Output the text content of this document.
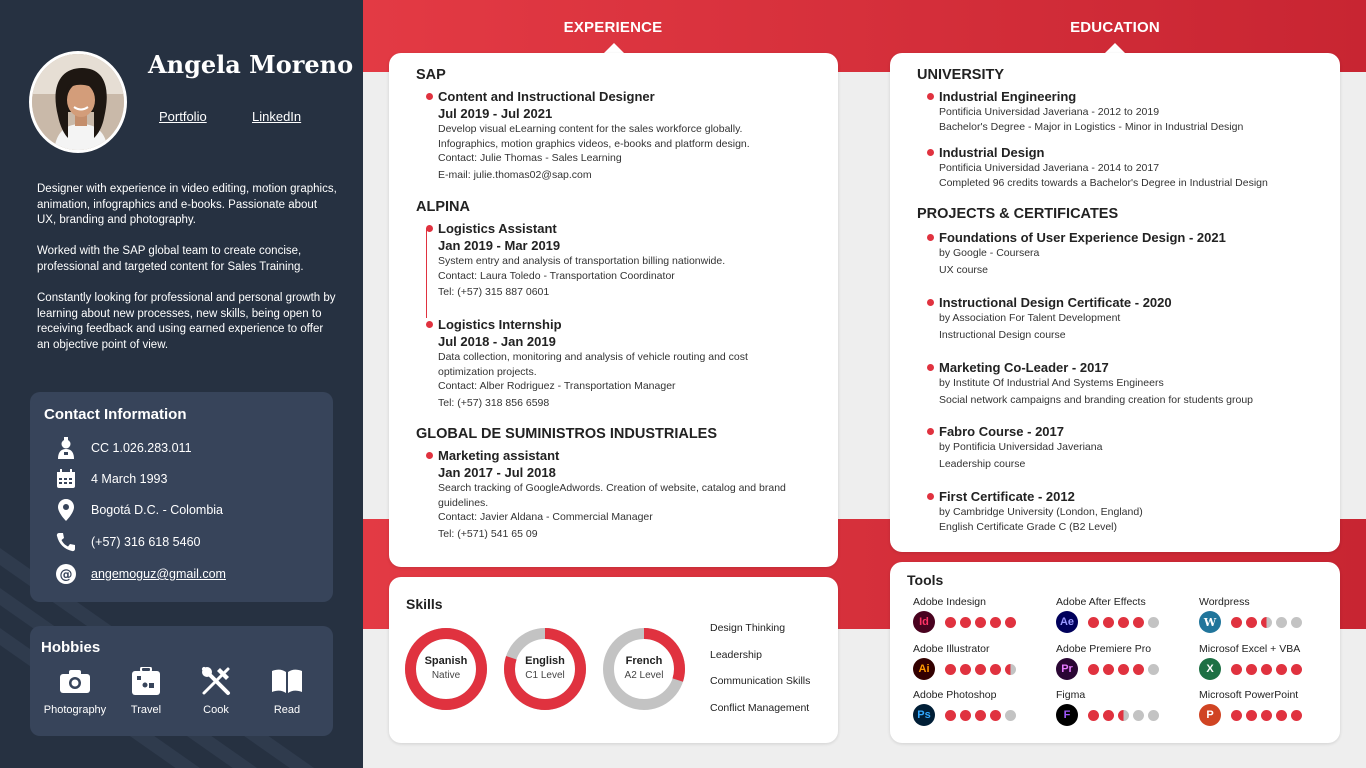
Angela Moreno
Portfolio	LinkedIn

Designer with experience in video editing, motion graphics, animation, infographics and e-books. Passionate about UX, branding and photography.

Worked with the SAP global team to create concise, professional and targeted content for Sales Training.

Constantly looking for professional and personal growth by learning about new processes, new skills, being open to receiving feedback and using earned experience to offer an objective point of view.

Contact Information
CC 1.026.283.011
4 March 1993
Bogotá D.C. - Colombia
(+57) 316 618 5460
@ angemoguz@gmail.com
Hobbies
Photography	Travel	Cook	Read
EXPERIENCE	EDUCATION
SAP
Content and Instructional Designer
Jul 2019 - Jul 2021
Develop visual eLearning content for the sales workforce globally.
Infographics, motion graphics videos, e-books and platform design.
Contact: Julie Thomas - Sales Learning
E-mail: julie.thomas02@sap.com
ALPINA
Logistics Assistant
Jan 2019 - Mar 2019
System entry and analysis of transportation billing nationwide.
Contact: Laura Toledo - Transportation Coordinator
Tel: (+57) 315 887 0601
Logistics Internship
Jul 2018 - Jan 2019
Data collection, monitoring and analysis of vehicle routing and cost optimization projects.
Contact: Alber Rodriguez - Transportation Manager
Tel: (+57) 318 856 6598
GLOBAL DE SUMINISTROS INDUSTRIALES
Marketing assistant
Jan 2017 - Jul 2018
Search tracking of GoogleAdwords. Creation of website, catalog and brand guidelines.
Contact: Javier Aldana - Commercial Manager
Tel: (+571) 541 65 09
UNIVERSITY
Industrial Engineering
Pontificia Universidad Javeriana - 2012 to 2019
Bachelor's Degree - Major in Logistics - Minor in Industrial Design
Industrial Design
Pontificia Universidad Javeriana - 2014 to 2017
Completed 96 credits towards a Bachelor's Degree in Industrial Design
PROJECTS & CERTIFICATES
Foundations of User Experience Design - 2021
by Google - Coursera
UX course
Instructional Design Certificate - 2020
by Association For Talent Development
Instructional Design course
Marketing Co-Leader - 2017
by Institute Of Industrial And Systems Engineers
Social network campaigns and branding creation for students group
Fabro Course - 2017
by Pontificia Universidad Javeriana
Leadership course
First Certificate - 2012
by Cambridge University (London, England)
English Certificate Grade C (B2 Level)
Skills
Spanish
Native
English
C1 Level
French
A2 Level
Design Thinking
Leadership
Communication Skills
Conflict Management
Tools
Adobe Indesign
Id
Adobe After Effects
Ae
Wordpress
W
Adobe Illustrator
Ai
Adobe Premiere Pro
Pr
Microsof Excel + VBA
X
Adobe Photoshop
Ps
Figma
F
Microsoft PowerPoint
P
